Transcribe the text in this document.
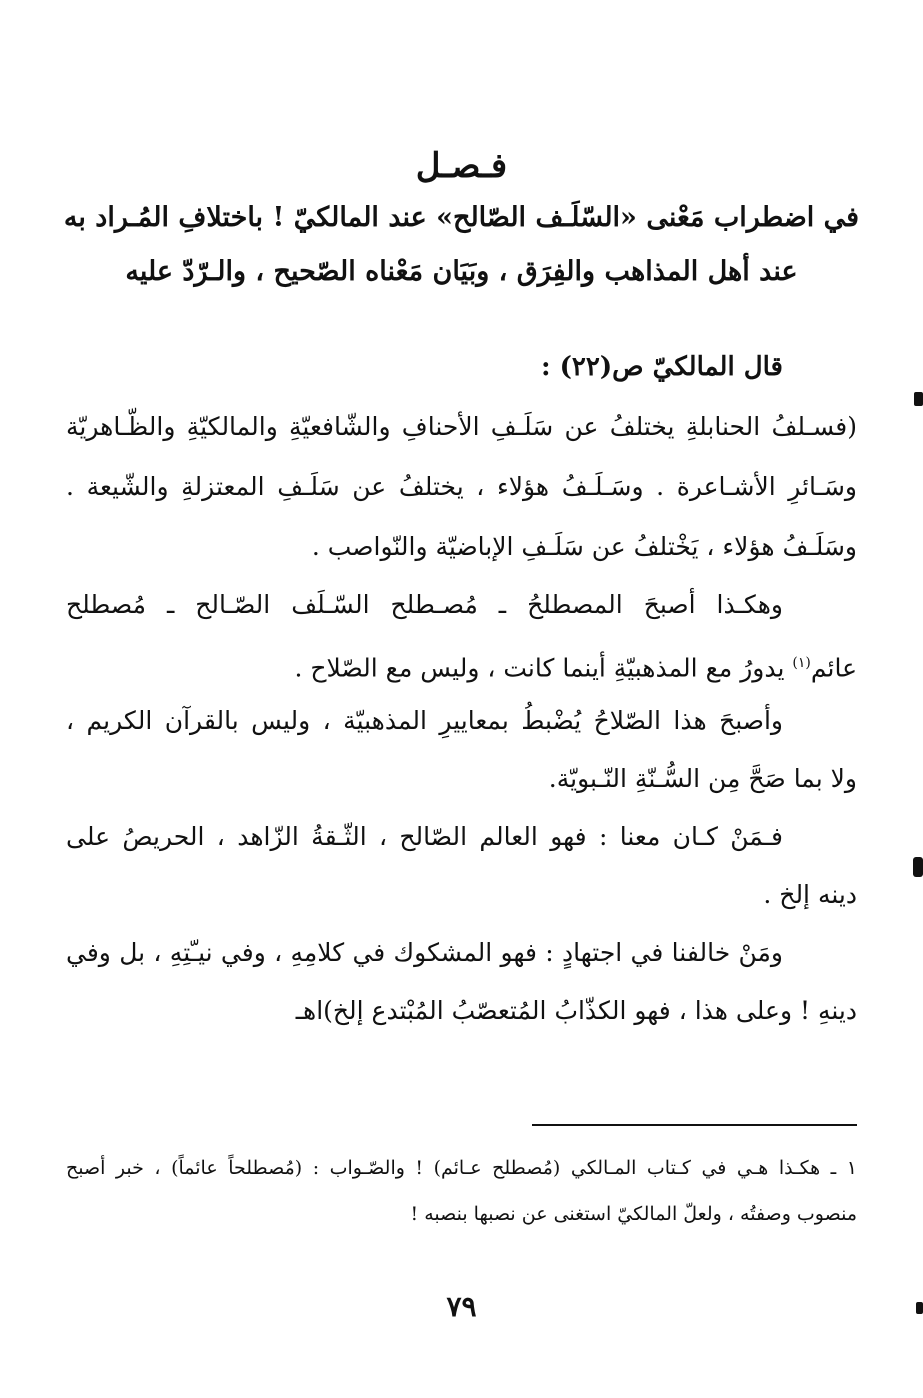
فـصـل
في اضطراب مَعْنى «السّلَـف الصّالح» عند المالكيّ ! باختلافِ المُـراد به
عند أهل المذاهب والفِرَق ، وبَيَان مَعْناه الصّحيح ، والـرّدّ عليه
قال المالكيّ ص(٢٢) :
(فسـلفُ الحنابلةِ يختلفُ عن سَلَـفِ الأحنافِ والشّافعيّةِ والمالكيّةِ والظّـاهريّة
وسَـائرِ الأشـاعرة . وسَـلَـفُ هؤلاء ، يختلفُ عن سَلَـفِ المعتزلةِ والشّيعة .
وسَلَـفُ هؤلاء ، يَخْتلفُ عن سَلَـفِ الإباضيّة والنّواصب .
وهكـذا أصبحَ المصطلحُ ـ مُصـطلح السّـلَف الصّـالح ـ مُصطلح
عائم$^{(١)}$ يدورُ مع المذهبيّةِ أينما كانت ، وليس مع الصّلاح .
وأصبحَ هذا الصّلاحُ يُضْبطُ بمعاييرِ المذهبيّة ، وليس بالقرآن الكريم ،
ولا بما صَحَّ مِن السُّـنّةِ النّـبويّة.
فـمَنْ كـان معنا : فهو العالم الصّالح ، الثّـقةُ الزّاهد ، الحريصُ على
دينه إلخ .
ومَنْ خالفنا في اجتهادٍ : فهو المشكوك في كلامِهِ ، وفي نيـّتِهِ ، بل وفي
دينهِ ! وعلى هذا ، فهو الكذّابُ المُتعصّبُ المُبْتدع إلخ)اهـ
١ ـ هكـذا هـي في كـتاب المـالكي (مُصطلح عـائم) ! والصّـواب : (مُصطلحاً عائماً) ، خبر أصبح
منصوب وصفتُه ، ولعلّ المالكيّ استغنى عن نصبها بنصبه !
٧٩
